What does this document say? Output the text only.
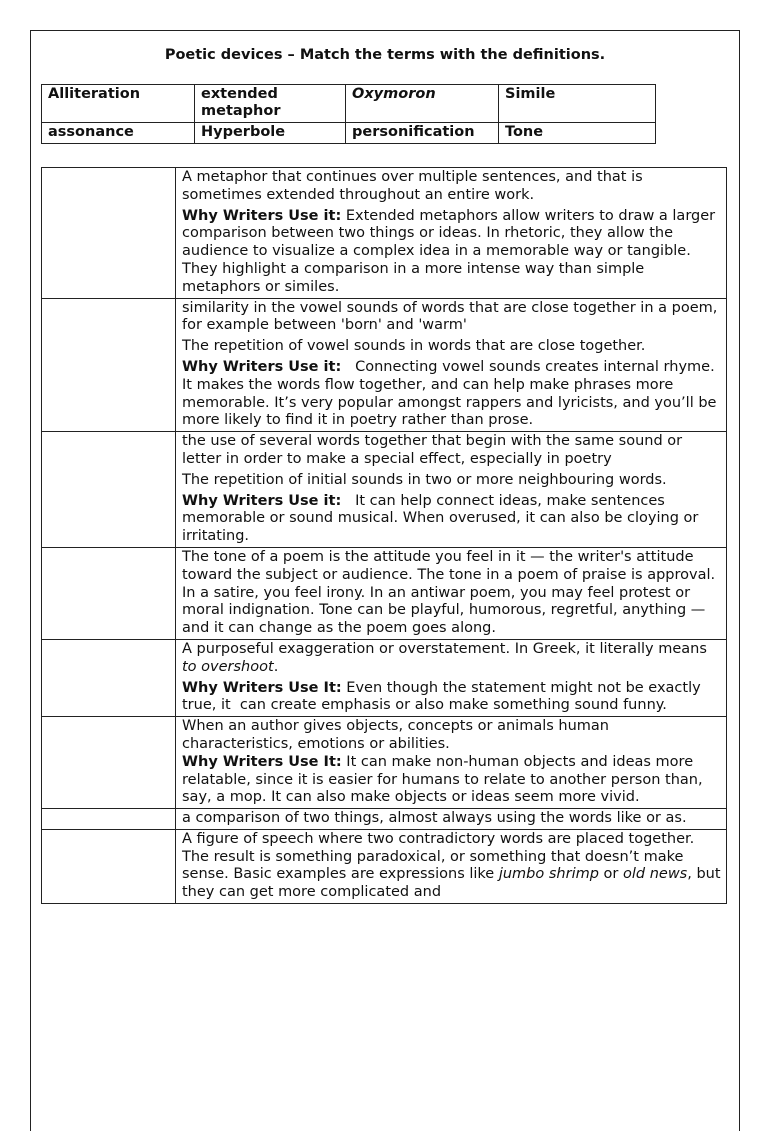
Poetic devices – Match the terms with the definitions.
Alliteration	extended metaphor	Oxymoron	Simile
assonance	Hyperbole	personification	Tone

	A metaphor that continues over multiple sentences, and that is sometimes extended throughout an entire work.

Why Writers Use it: Extended metaphors allow writers to draw a larger comparison between two things or ideas. In rhetoric, they allow the audience to visualize a complex idea in a memorable way or tangible. They highlight a comparison in a more intense way than simple metaphors or similes.

	similarity in the vowel sounds of words that are close together in a poem, for example between 'born' and 'warm'

The repetition of vowel sounds in words that are close together.

Why Writers Use it:   Connecting vowel sounds creates internal rhyme. It makes the words flow together, and can help make phrases more memorable. It’s very popular amongst rappers and lyricists, and you’ll be more likely to find it in poetry rather than prose.

	the use of several words together that begin with the same sound or letter in order to make a special effect, especially in poetry

The repetition of initial sounds in two or more neighbouring words.

Why Writers Use it:   It can help connect ideas, make sentences memorable or sound musical. When overused, it can also be cloying or irritating.

	The tone of a poem is the attitude you feel in it — the writer's attitude toward the subject or audience. The tone in a poem of praise is approval. In a satire, you feel irony. In an antiwar poem, you may feel protest or moral indignation. Tone can be playful, humorous, regretful, anything — and it can change as the poem goes along.

	A purposeful exaggeration or overstatement. In Greek, it literally means to overshoot.

Why Writers Use It: Even though the statement might not be exactly true, it  can create emphasis or also make something sound funny.

	When an author gives objects, concepts or animals human characteristics, emotions or abilities.

Why Writers Use It: It can make non-human objects and ideas more relatable, since it is easier for humans to relate to another person than, say, a mop. It can also make objects or ideas seem more vivid.

	a comparison of two things, almost always using the words like or as.

	A figure of speech where two contradictory words are placed together. The result is something paradoxical, or something that doesn’t make sense. Basic examples are expressions like jumbo shrimp or old news, but they can get more complicated and
